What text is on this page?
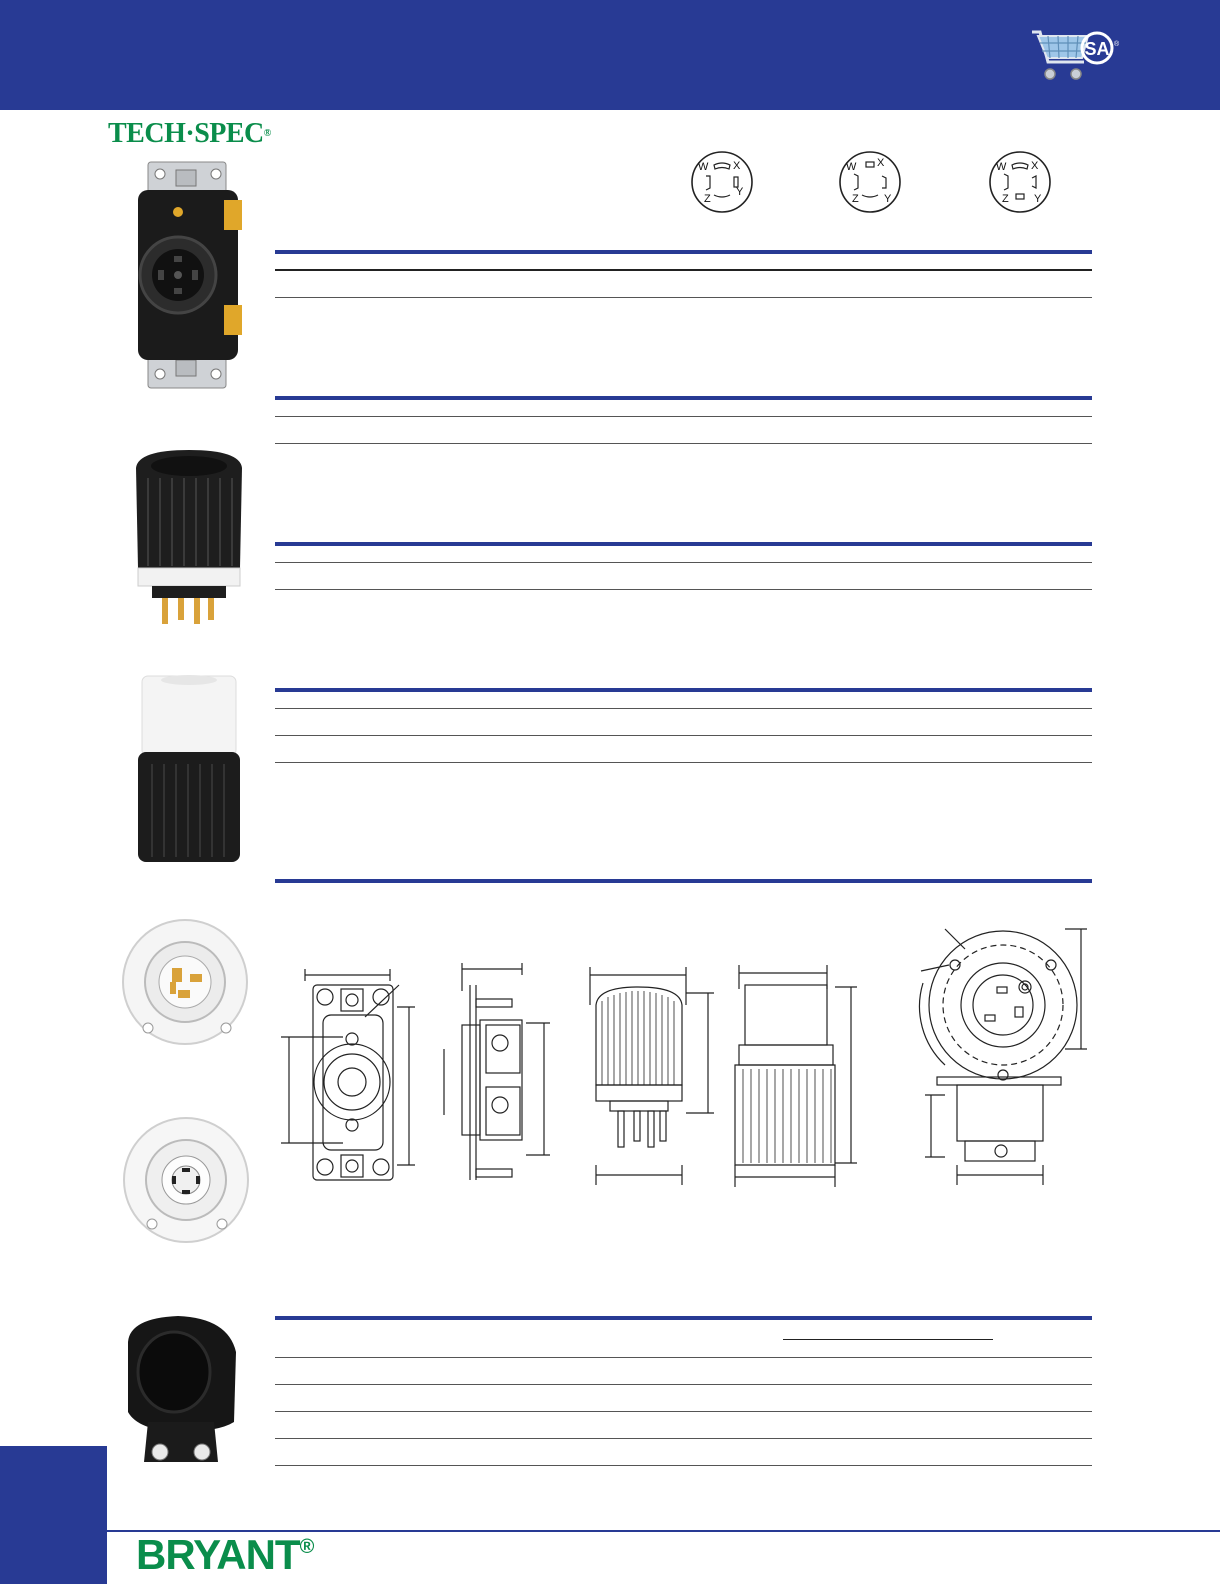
SA ®
TECH·SPEC®
W X
Y
Z
W X
Y
Z
W X
Y
Z
BRYANT®
